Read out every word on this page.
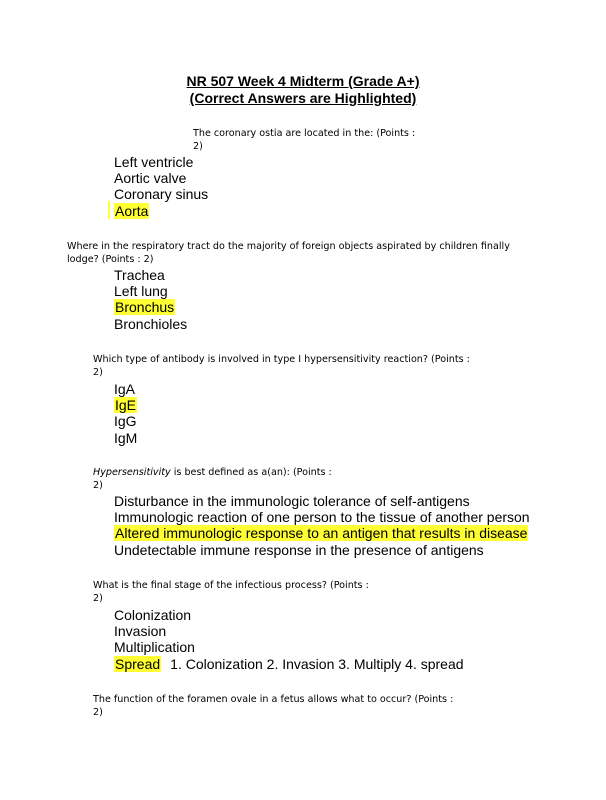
NR 507 Week 4 Midterm (Grade A+)
(Correct Answers are Highlighted)
The coronary ostia are located in the: (Points :
2)
Left ventricle
Aortic valve
Coronary sinus
Aorta
Where in the respiratory tract do the majority of foreign objects aspirated by children finally
lodge? (Points : 2)
Trachea
Left lung
Bronchus
Bronchioles
Which type of antibody is involved in type I hypersensitivity reaction? (Points :
2)
IgA
IgE
IgG
IgM
Hypersensitivity is best defined as a(an): (Points :
2)
Disturbance in the immunologic tolerance of self-antigens
Immunologic reaction of one person to the tissue of another person
Altered immunologic response to an antigen that results in disease
Undetectable immune response in the presence of antigens
What is the final stage of the infectious process? (Points :
2)
Colonization
Invasion
Multiplication
Spread 1. Colonization 2. Invasion 3. Multiply 4. spread
The function of the foramen ovale in a fetus allows what to occur? (Points :
2)
